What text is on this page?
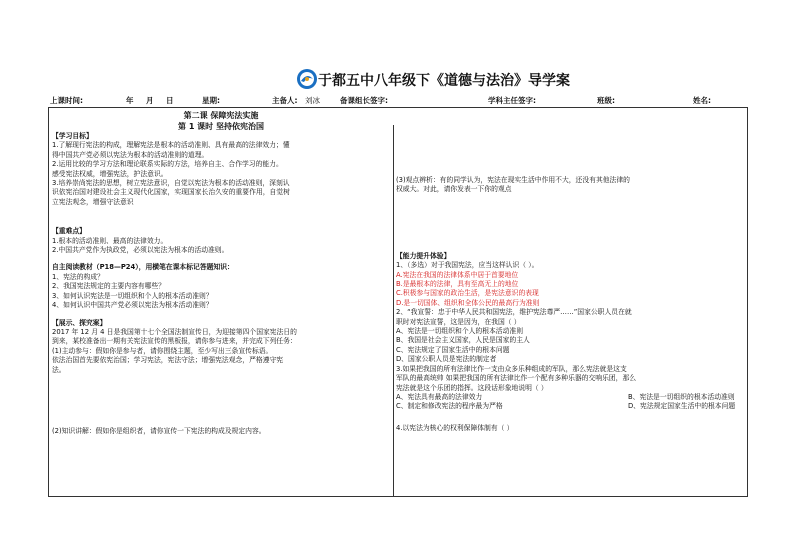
于都五中八年级下《道德与法治》导学案
上课时间:	年 月 日	星期:	主备人: 刘冰	备课组长签字:	学科主任签字:	班级:	姓名:

第二课 保障宪法实施

第 1 课时 坚持依宪治国

【学习目标】

1.了解现行宪法的构成，理解宪法是根本的活动准则、具有最高的法律效力；懂

得中国共产党必须以宪法为根本的活动准则的道理。

2.运用比较的学习方法和理论联系实际的方法，培养自主、合作学习的能力。

感受宪法权威，增强宪法，护法意识。

3.培养崇尚宪法的思想，树立宪法意识，自觉以宪法为根本的活动准则，深刻认

识依宪治国对建设社会主义现代化国家，实现国家长治久安的重要作用，自觉树

立宪法观念，增强守法意识

【重难点】

1.根本的活动准则、最高的法律效力。

2.中国共产党作为执政党，必须以宪法为根本的活动准则。

自主阅读教材（P18—P24），用横笔在课本标记答题知识：

1、宪法的构成？

2、我国宪法规定的主要内容有哪些？

3、如何认识宪法是一切组织和个人的根本活动准则？

4、如何认识中国共产党必须以宪法为根本活动准则？

【展示、探究案】

2017 年 12 月 4 日是我国第十七个全国法制宣传日，为迎接第四个国家宪法日的

到来，某校准备出一期有关宪法宣传的黑板报，请你参与进来，并完成下列任务：

(1)主动参与：假如你是参与者，请你围绕主题，至少写出三条宣传标语。

依法治国首先要依宪治国；学习宪法，宪法守法；增强宪法观念，严格遵守宪

法。

(2)知识讲解：假如你是组织者，请你宣传一下宪法的构成及规定内容。

(3)观点辨析：有的同学认为，宪法在现实生活中作用不大，还没有其他法律的

权威大。对此，请你发表一下你的观点

【能力提升体验】

1、（多选）对于我国宪法，应当这样认识（ ）。

A.宪法在我国的法律体系中居于首要地位

B.是最根本的法律，具有至高无上的地位

C.积极参与国家的政治生活，是宪法意识的表现

D.是一切国体、组织和全体公民的最高行为准则

2、“我宣誓：忠于中华人民共和国宪法，维护宪法尊严……”国家公职人员在就

职时对宪法宣誓，这是因为，在我国（ ）

A、宪法是一切组织和个人的根本活动准则

B、我国是社会主义国家，人民是国家的主人

C、宪法规定了国家生活中的根本问题

D、国家公职人员是宪法的制定者

3.如果把我国的所有法律比作一支由众多乐种组成的军队，那么宪法就是这支

军队的最高统帅 如果把我国的所有法律比作一个配有多种乐器的交响乐团，那么

宪法就是这个乐团的指挥。这段话形象地说明（ ）

A、宪法具有最高的法律效力	B、宪法是一切组织的根本活动准则

C、制定和修改宪法的程序最为严格	D、宪法规定国家生活中的根本问题

4.以宪法为核心的权利保障体制有（ ）
